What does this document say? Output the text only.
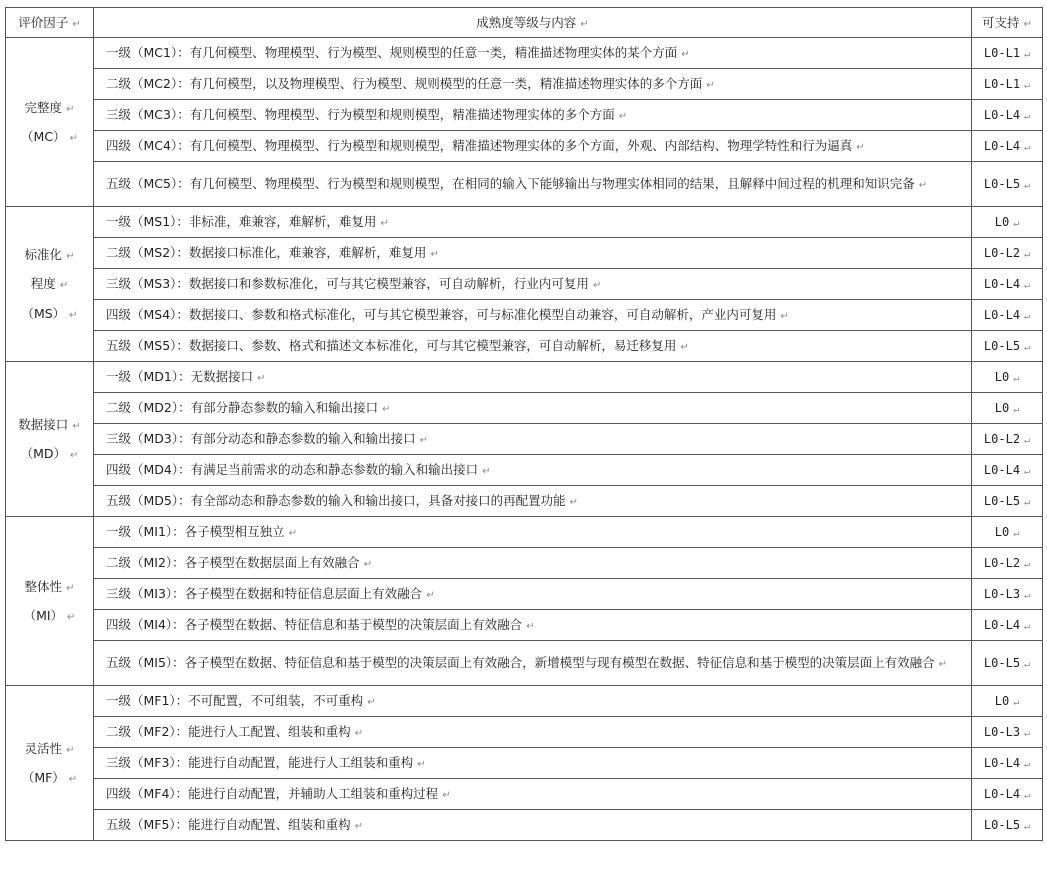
评价因子 ↵	成熟度等级与内容 ↵	可支持 ↵

完整度 ↵
（MC） ↵	一级（MC1）：有几何模型、物理模型、行为模型、规则模型的任意一类，精准描述物理实体的某个方面 ↵	L0-L1 ↵
	二级（MC2）：有几何模型，以及物理模型、行为模型、规则模型的任意一类，精准描述物理实体的多个方面 ↵	L0-L1 ↵
	三级（MC3）：有几何模型、物理模型、行为模型和规则模型，精准描述物理实体的多个方面 ↵	L0-L4 ↵
	四级（MC4）：有几何模型、物理模型、行为模型和规则模型，精准描述物理实体的多个方面，外观、内部结构、物理学特性和行为逼真 ↵	L0-L4 ↵
	五级（MC5）：有几何模型、物理模型、行为模型和规则模型，在相同的输入下能够输出与物理实体相同的结果，且解释中间过程的机理和知识完备 ↵	L0-L5 ↵

标准化 ↵
程度 ↵
（MS） ↵	一级（MS1）：非标准，难兼容，难解析，难复用 ↵	L0 ↵
	二级（MS2）：数据接口标准化，难兼容，难解析，难复用 ↵	L0-L2 ↵
	三级（MS3）：数据接口和参数标准化，可与其它模型兼容，可自动解析，行业内可复用 ↵	L0-L4 ↵
	四级（MS4）：数据接口、参数和格式标准化，可与其它模型兼容，可与标准化模型自动兼容，可自动解析，产业内可复用 ↵	L0-L4 ↵
	五级（MS5）：数据接口、参数、格式和描述文本标准化，可与其它模型兼容，可自动解析，易迁移复用 ↵	L0-L5 ↵

数据接口 ↵
（MD） ↵	一级（MD1）：无数据接口 ↵	L0 ↵
	二级（MD2）：有部分静态参数的输入和输出接口 ↵	L0 ↵
	三级（MD3）：有部分动态和静态参数的输入和输出接口 ↵	L0-L2 ↵
	四级（MD4）：有满足当前需求的动态和静态参数的输入和输出接口 ↵	L0-L4 ↵
	五级（MD5）：有全部动态和静态参数的输入和输出接口，具备对接口的再配置功能 ↵	L0-L5 ↵

整体性 ↵
（MI） ↵	一级（MI1）：各子模型相互独立 ↵	L0 ↵
	二级（MI2）：各子模型在数据层面上有效融合 ↵	L0-L2 ↵
	三级（MI3）：各子模型在数据和特征信息层面上有效融合 ↵	L0-L3 ↵
	四级（MI4）：各子模型在数据、特征信息和基于模型的决策层面上有效融合 ↵	L0-L4 ↵
	五级（MI5）：各子模型在数据、特征信息和基于模型的决策层面上有效融合，新增模型与现有模型在数据、特征信息和基于模型的决策层面上有效融合 ↵	L0-L5 ↵

灵活性 ↵
（MF） ↵	一级（MF1）：不可配置，不可组装，不可重构 ↵	L0 ↵
	二级（MF2）：能进行人工配置、组装和重构 ↵	L0-L3 ↵
	三级（MF3）：能进行自动配置，能进行人工组装和重构 ↵	L0-L4 ↵
	四级（MF4）：能进行自动配置，并辅助人工组装和重构过程 ↵	L0-L4 ↵
	五级（MF5）：能进行自动配置、组装和重构 ↵	L0-L5 ↵
